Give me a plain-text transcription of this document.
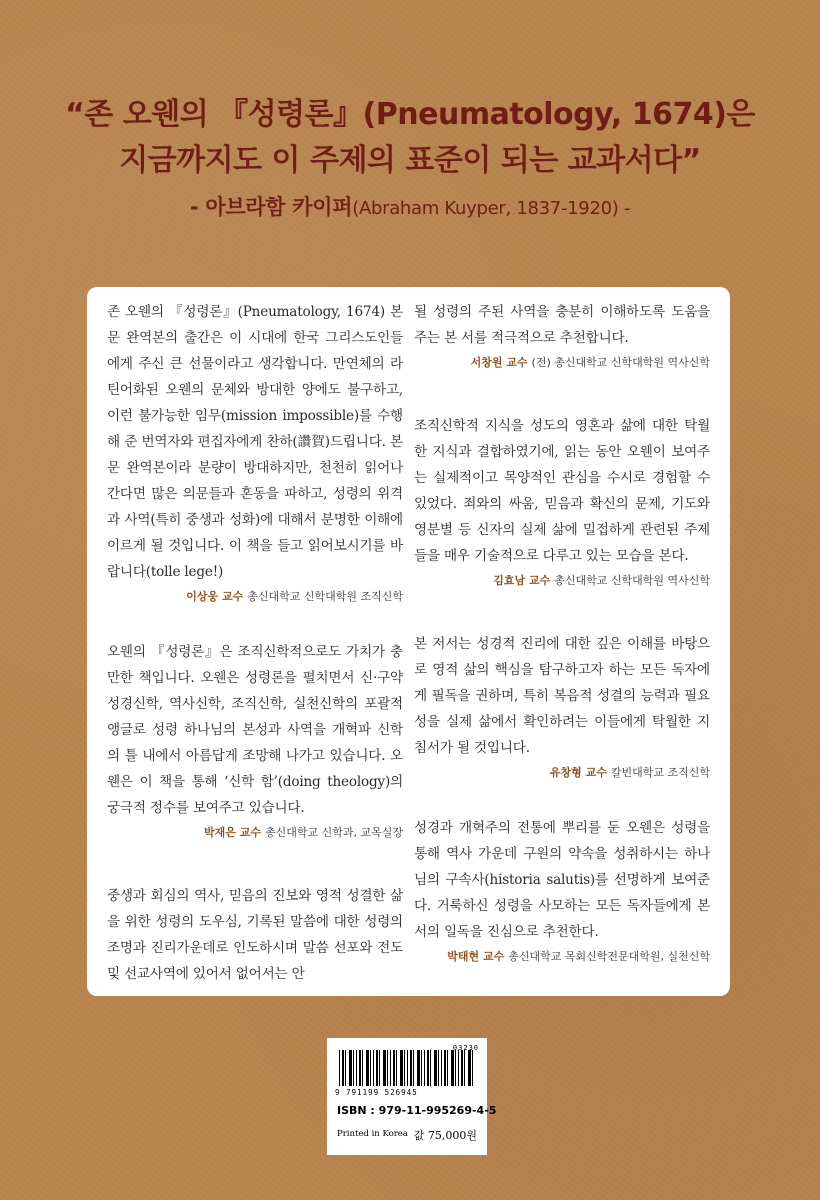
“존 오웬의 『성령론』(Pneumatology, 1674)은
지금까지도 이 주제의 표준이 되는 교과서다”
- 아브라함 카이퍼(Abraham Kuyper, 1837-1920) -

존 오웬의 『성령론』(Pneumatology, 1674) 본문 완역본의 출간은 이 시대에 한국 그리스도인들에게 주신 큰 선물이라고 생각합니다. 만연체의 라틴어화된 오웬의 문체와 방대한 양에도 불구하고, 이런 불가능한 임무(mission impossible)를 수행해 준 번역자와 편집자에게 찬하(讚賀)드립니다. 본문 완역본이라 분량이 방대하지만, 천천히 읽어나간다면 많은 의문들과 혼동을 파하고, 성령의 위격과 사역(특히 중생과 성화)에 대해서 분명한 이해에 이르게 될 것입니다. 이 책을 들고 읽어보시기를 바랍니다(tolle lege!)

이상웅 교수 총신대학교 신학대학원 조직신학

오웬의 『성령론』은 조직신학적으로도 가치가 충만한 책입니다. 오웬은 성령론을 펼치면서 신·구약 성경신학, 역사신학, 조직신학, 실천신학의 포괄적 앵글로 성령 하나님의 본성과 사역을 개혁파 신학의 틀 내에서 아름답게 조망해 나가고 있습니다. 오웬은 이 책을 통해 ‘신학 함’(doing theology)의 궁극적 정수를 보여주고 있습니다.

박재은 교수 총신대학교 신학과, 교목실장

중생과 회심의 역사, 믿음의 진보와 영적 성결한 삶을 위한 성령의 도우심, 기록된 말씀에 대한 성령의 조명과 진리가운데로 인도하시며 말씀 선포와 전도 및 선교사역에 있어서 없어서는 안

될 성령의 주된 사역을 충분히 이해하도록 도움을 주는 본 서를 적극적으로 추천합니다.

서창원 교수 (전) 총신대학교 신학대학원 역사신학

조직신학적 지식을 성도의 영혼과 삶에 대한 탁월한 지식과 결합하였기에, 읽는 동안 오웬이 보여주는 실제적이고 목양적인 관심을 수시로 경험할 수 있었다. 죄와의 싸움, 믿음과 확신의 문제, 기도와 영분별 등 신자의 실제 삶에 밀접하게 관련된 주제들을 매우 기술적으로 다루고 있는 모습을 본다.

김효남 교수 총신대학교 신학대학원 역사신학

본 저서는 성경적 진리에 대한 깊은 이해를 바탕으로 영적 삶의 핵심을 탐구하고자 하는 모든 독자에게 필독을 권하며, 특히 복음적 성결의 능력과 필요성을 실제 삶에서 확인하려는 이들에게 탁월한 지침서가 될 것입니다.

유창형 교수 칼빈대학교 조직신학

성경과 개혁주의 전통에 뿌리를 둔 오웬은 성령을 통해 역사 가운데 구원의 약속을 성취하시는 하나님의 구속사(historia salutis)를 선명하게 보여준다. 거룩하신 성령을 사모하는 모든 독자들에게 본서의 일독을 진심으로 추천한다.

박태현 교수 총신대학교 목회신학전문대학원, 실천신학
03230
9 791199 526945
ISBN : 979-11-995269-4-5
Printed in Korea 값 75,000원
